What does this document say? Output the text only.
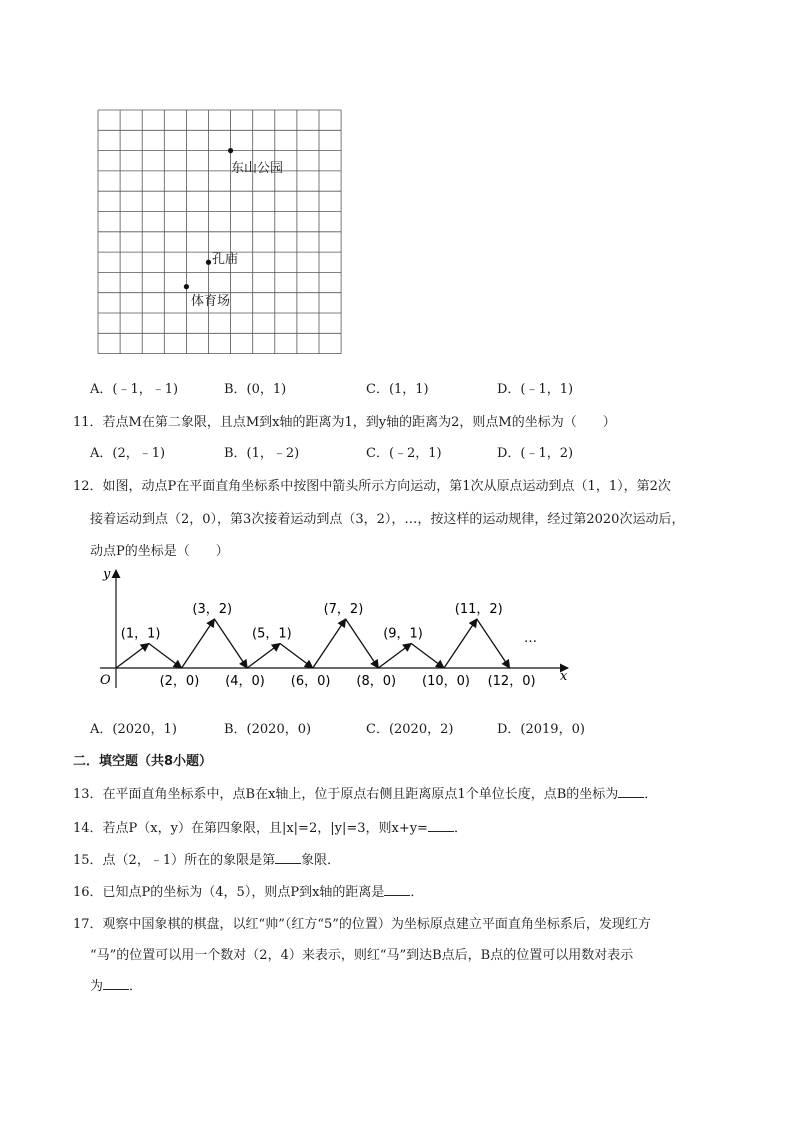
东山公园
孔庙
体育场
A．(﹣1，﹣1)	B．(0，1)	C．(1，1)	D．(﹣1，1)
11．若点M在第二象限，且点M到x轴的距离为1，到y轴的距离为2，则点M的坐标为（　　）
A．(2，﹣1)	B．(1，﹣2)	C．(﹣2，1)	D．(﹣1，2)
12．如图，动点P在平面直角坐标系中按图中箭头所示方向运动，第1次从原点运动到点（1，1），第2次
接着运动到点（2，0），第3次接着运动到点（3，2），…，按这样的运动规律，经过第2020次运动后，
动点P的坐标是（　　）
x
y
O
(1，1)
(3，2)
(5，1)
(7，2)
(9，1)
(11，2)
(2，0) (4，0) (6，0) (8，0) (10，0) (12，0)
…
A．(2020，1)	B．(2020，0)	C．(2020，2)	D．(2019，0)
二．填空题（共8小题）
13．在平面直角坐标系中，点B在x轴上，位于原点右侧且距离原点1个单位长度，点B的坐标为 ．
14．若点P（x，y）在第四象限，且|x|=2，|y|=3，则x+y= ．
15．点（2，﹣1）所在的象限是第 象限．
16．已知点P的坐标为（4，5），则点P到x轴的距离是 ．
17．观察中国象棋的棋盘，以红“帅”（红方“5”的位置）为坐标原点建立平面直角坐标系后，发现红方
“马”的位置可以用一个数对（2，4）来表示，则红“马”到达B点后，B点的位置可以用数对表示
为 ．
